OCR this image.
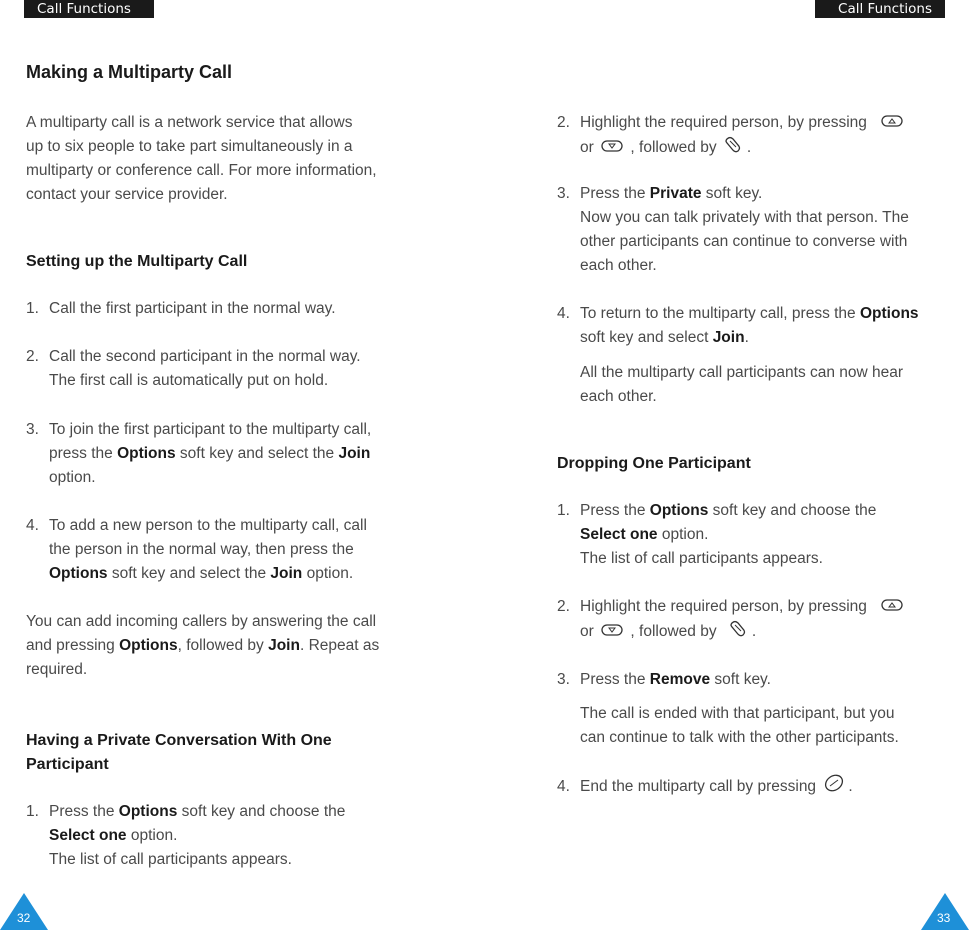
Call Functions	Call Functions
Making a Multiparty Call
A multiparty call is a network service that allows
up to six people to take part simultaneously in a
multiparty or conference call. For more information,
contact your service provider.
Setting up the Multiparty Call
1. Call the first participant in the normal way.
2. Call the second participant in the normal way.
The first call is automatically put on hold.
3. To join the first participant to the multiparty call,
press the Options soft key and select the Join
option.
4. To add a new person to the multiparty call, call
the person in the normal way, then press the
Options soft key and select the Join option.
You can add incoming callers by answering the call
and pressing Options, followed by Join. Repeat as
required.
Having a Private Conversation With One
Participant
1. Press the Options soft key and choose the
Select one option.
The list of call participants appears.
2. Highlight the required person, by pressing
or , followed by .
3. Press the Private soft key.
Now you can talk privately with that person. The
other participants can continue to converse with
each other.
4. To return to the multiparty call, press the Options
soft key and select Join.
All the multiparty call participants can now hear
each other.
Dropping One Participant
1. Press the Options soft key and choose the
Select one option.
The list of call participants appears.
2. Highlight the required person, by pressing
or , followed by .
3. Press the Remove soft key.
The call is ended with that participant, but you
can continue to talk with the other participants.
4. End the multiparty call by pressing .
32	33
